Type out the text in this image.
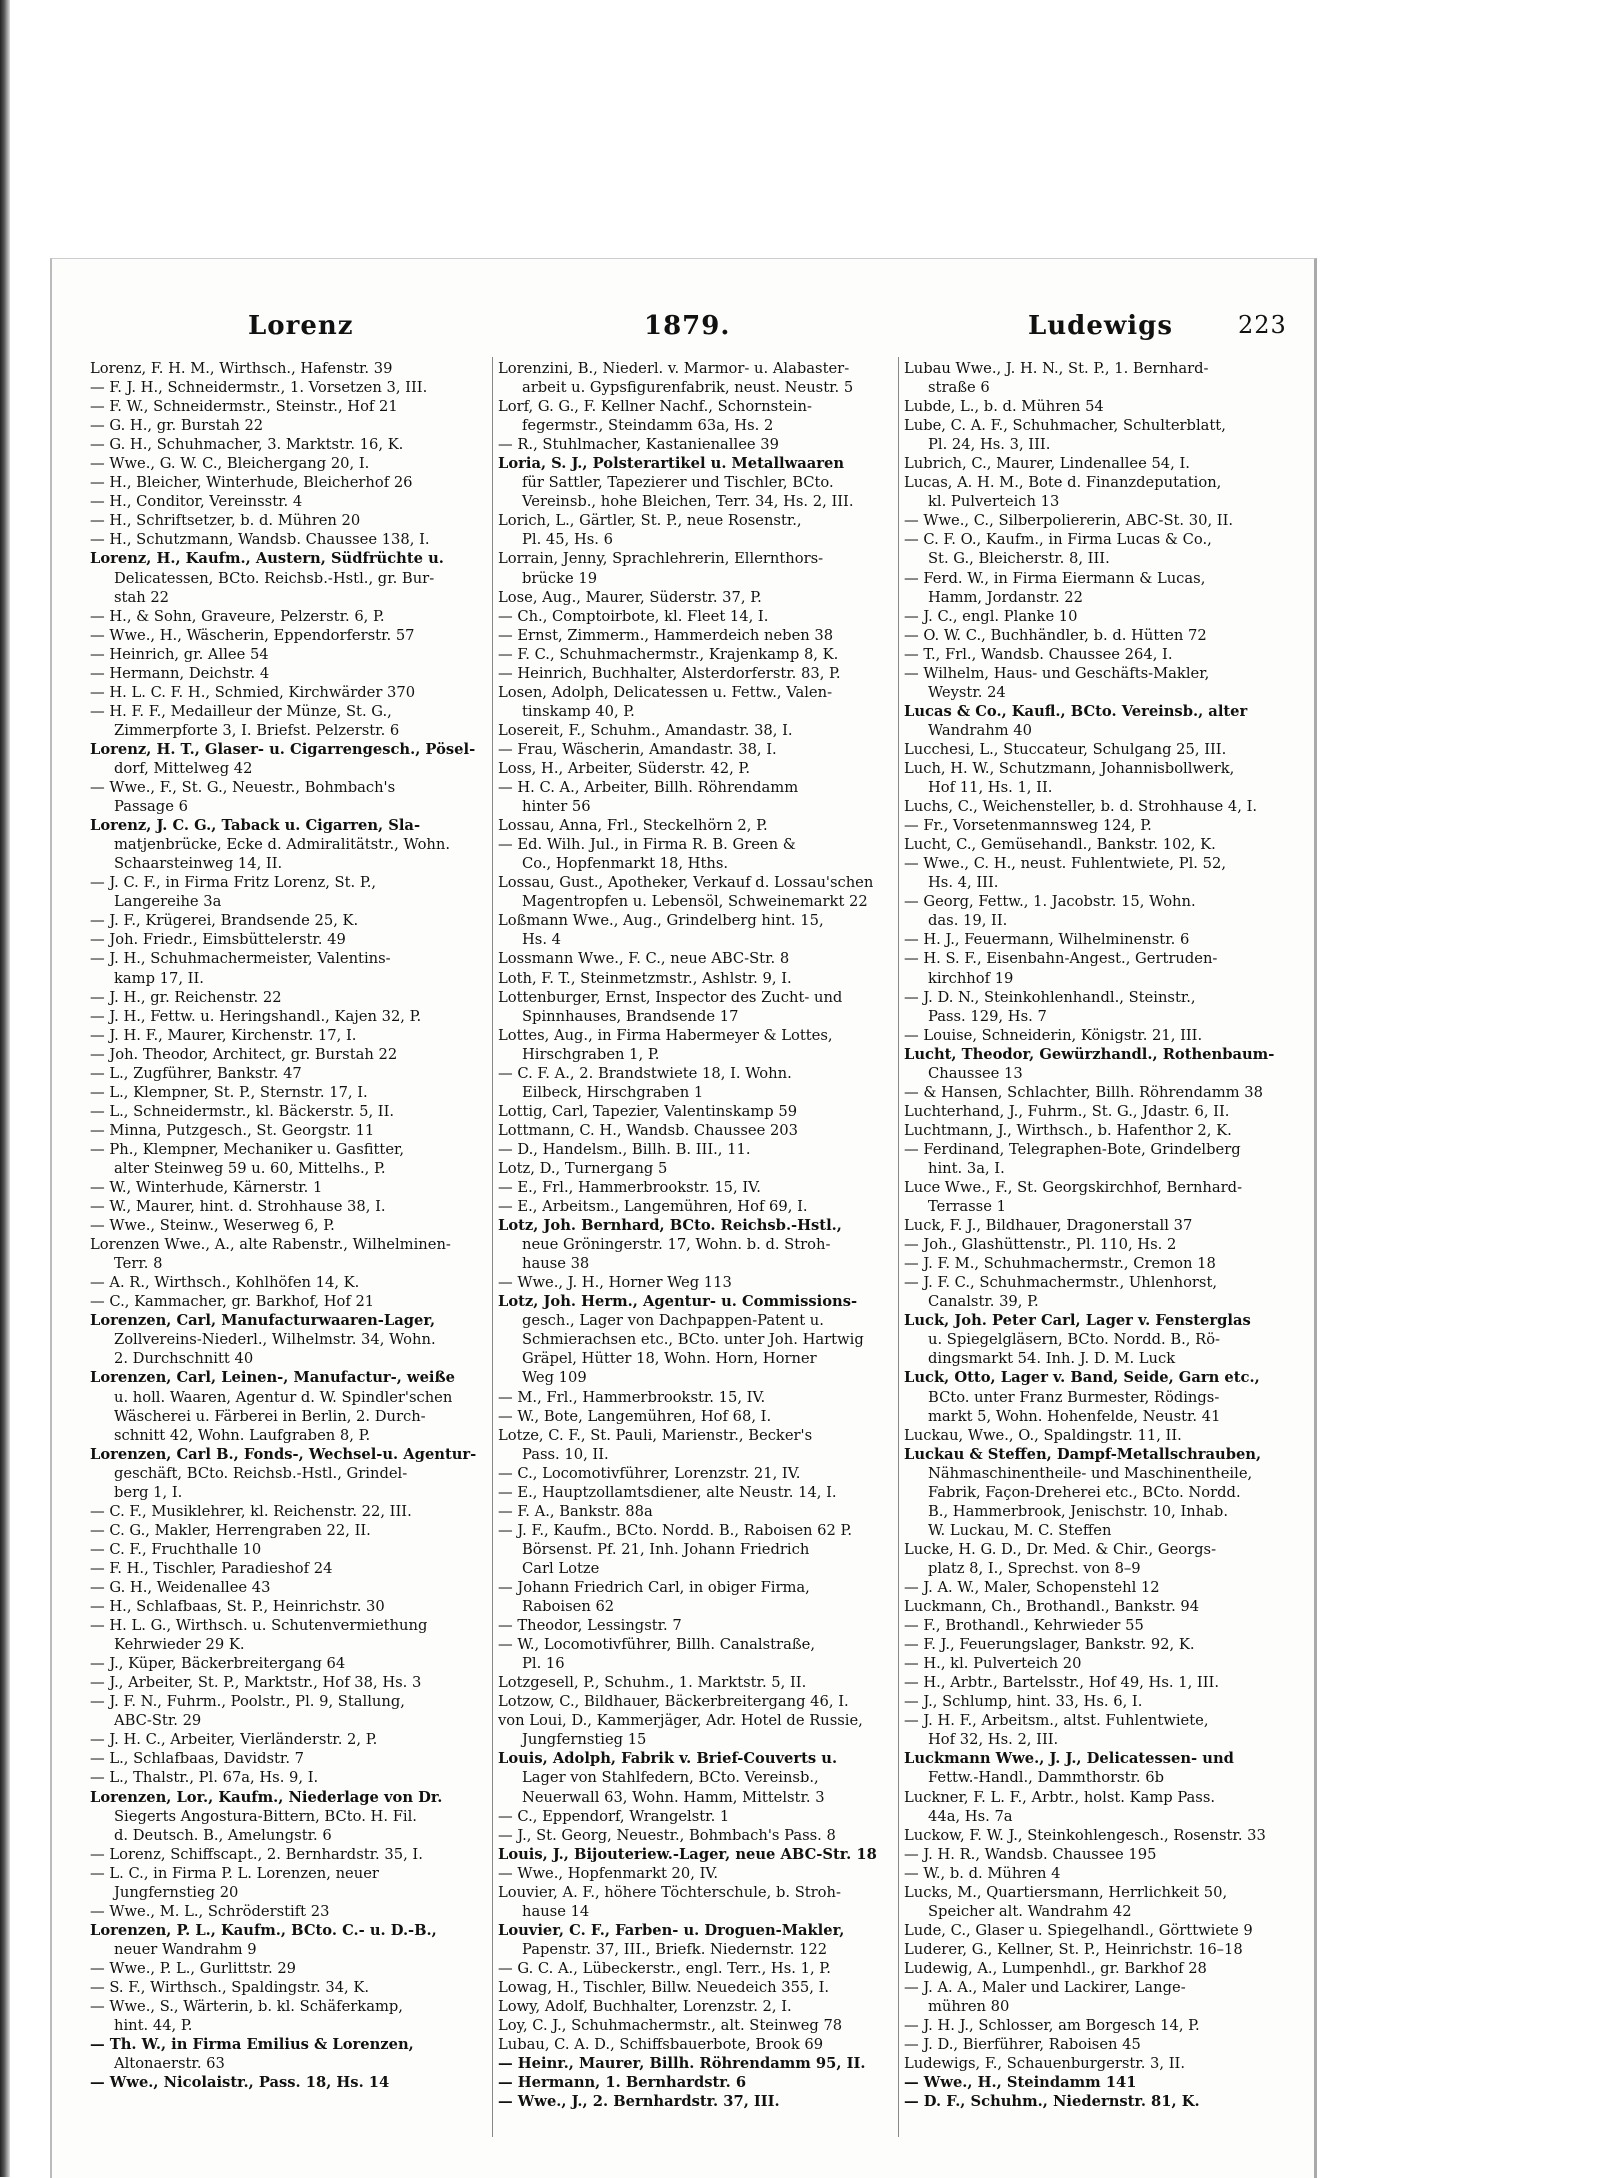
Lorenz	1879.	Ludewigs	223
Lorenz, F. H. M., Wirthsch., Hafenstr. 39
— F. J. H., Schneidermstr., 1. Vorsetzen 3, III.
— F. W., Schneidermstr., Steinstr., Hof 21
— G. H., gr. Burstah 22
— G. H., Schuhmacher, 3. Marktstr. 16, K.
— Wwe., G. W. C., Bleichergang 20, I.
— H., Bleicher, Winterhude, Bleicherhof 26
— H., Conditor, Vereinsstr. 4
— H., Schriftsetzer, b. d. Mühren 20
— H., Schutzmann, Wandsb. Chaussee 138, I.
Lorenz, H., Kaufm., Austern, Südfrüchte u.
Delicatessen, BCto. Reichsb.-Hstl., gr. Bur-
stah 22
— H., & Sohn, Graveure, Pelzerstr. 6, P.
— Wwe., H., Wäscherin, Eppendorferstr. 57
— Heinrich, gr. Allee 54
— Hermann, Deichstr. 4
— H. L. C. F. H., Schmied, Kirchwärder 370
— H. F. F., Medailleur der Münze, St. G.,
Zimmerpforte 3, I. Briefst. Pelzerstr. 6
Lorenz, H. T., Glaser- u. Cigarrengesch., Pösel-
dorf, Mittelweg 42
— Wwe., F., St. G., Neuestr., Bohmbach's
Passage 6
Lorenz, J. C. G., Taback u. Cigarren, Sla-
matjenbrücke, Ecke d. Admiralitätstr., Wohn.
Schaarsteinweg 14, II.
— J. C. F., in Firma Fritz Lorenz, St. P.,
Langereihe 3a
— J. F., Krügerei, Brandsende 25, K.
— Joh. Friedr., Eimsbüttelerstr. 49
— J. H., Schuhmachermeister, Valentins-
kamp 17, II.
— J. H., gr. Reichenstr. 22
— J. H., Fettw. u. Heringshandl., Kajen 32, P.
— J. H. F., Maurer, Kirchenstr. 17, I.
— Joh. Theodor, Architect, gr. Burstah 22
— L., Zugführer, Bankstr. 47
— L., Klempner, St. P., Sternstr. 17, I.
— L., Schneidermstr., kl. Bäckerstr. 5, II.
— Minna, Putzgesch., St. Georgstr. 11
— Ph., Klempner, Mechaniker u. Gasfitter,
alter Steinweg 59 u. 60, Mittelhs., P.
— W., Winterhude, Kärnerstr. 1
— W., Maurer, hint. d. Strohhause 38, I.
— Wwe., Steinw., Weserweg 6, P.
Lorenzen Wwe., A., alte Rabenstr., Wilhelminen-
Terr. 8
— A. R., Wirthsch., Kohlhöfen 14, K.
— C., Kammacher, gr. Barkhof, Hof 21
Lorenzen, Carl, Manufacturwaaren-Lager,
Zollvereins-Niederl., Wilhelmstr. 34, Wohn.
2. Durchschnitt 40
Lorenzen, Carl, Leinen-, Manufactur-, weiße
u. holl. Waaren, Agentur d. W. Spindler'schen
Wäscherei u. Färberei in Berlin, 2. Durch-
schnitt 42, Wohn. Laufgraben 8, P.
Lorenzen, Carl B., Fonds-, Wechsel-u. Agentur-
geschäft, BCto. Reichsb.-Hstl., Grindel-
berg 1, I.
— C. F., Musiklehrer, kl. Reichenstr. 22, III.
— C. G., Makler, Herrengraben 22, II.
— C. F., Fruchthalle 10
— F. H., Tischler, Paradieshof 24
— G. H., Weidenallee 43
— H., Schlafbaas, St. P., Heinrichstr. 30
— H. L. G., Wirthsch. u. Schutenvermiethung
Kehrwieder 29 K.
— J., Küper, Bäckerbreitergang 64
— J., Arbeiter, St. P., Marktstr., Hof 38, Hs. 3
— J. F. N., Fuhrm., Poolstr., Pl. 9, Stallung,
ABC-Str. 29
— J. H. C., Arbeiter, Vierländerstr. 2, P.
— L., Schlafbaas, Davidstr. 7
— L., Thalstr., Pl. 67a, Hs. 9, I.
Lorenzen, Lor., Kaufm., Niederlage von Dr.
Siegerts Angostura-Bittern, BCto. H. Fil.
d. Deutsch. B., Amelungstr. 6
— Lorenz, Schiffscapt., 2. Bernhardstr. 35, I.
— L. C., in Firma P. L. Lorenzen, neuer
Jungfernstieg 20
— Wwe., M. L., Schröderstift 23
Lorenzen, P. L., Kaufm., BCto. C.- u. D.-B.,
neuer Wandrahm 9
— Wwe., P. L., Gurlittstr. 29
— S. F., Wirthsch., Spaldingstr. 34, K.
— Wwe., S., Wärterin, b. kl. Schäferkamp,
hint. 44, P.
— Th. W., in Firma Emilius & Lorenzen,
Altonaerstr. 63
— Wwe., Nicolaistr., Pass. 18, Hs. 14
Lorenzini, B., Niederl. v. Marmor- u. Alabaster-
arbeit u. Gypsfigurenfabrik, neust. Neustr. 5
Lorf, G. G., F. Kellner Nachf., Schornstein-
fegermstr., Steindamm 63a, Hs. 2
— R., Stuhlmacher, Kastanienallee 39
Loria, S. J., Polsterartikel u. Metallwaaren
für Sattler, Tapezierer und Tischler, BCto.
Vereinsb., hohe Bleichen, Terr. 34, Hs. 2, III.
Lorich, L., Gärtler, St. P., neue Rosenstr.,
Pl. 45, Hs. 6
Lorrain, Jenny, Sprachlehrerin, Ellernthors-
brücke 19
Lose, Aug., Maurer, Süderstr. 37, P.
— Ch., Comptoirbote, kl. Fleet 14, I.
— Ernst, Zimmerm., Hammerdeich neben 38
— F. C., Schuhmachermstr., Krajenkamp 8, K.
— Heinrich, Buchhalter, Alsterdorferstr. 83, P.
Losen, Adolph, Delicatessen u. Fettw., Valen-
tinskamp 40, P.
Losereit, F., Schuhm., Amandastr. 38, I.
— Frau, Wäscherin, Amandastr. 38, I.
Loss, H., Arbeiter, Süderstr. 42, P.
— H. C. A., Arbeiter, Billh. Röhrendamm
hinter 56
Lossau, Anna, Frl., Steckelhörn 2, P.
— Ed. Wilh. Jul., in Firma R. B. Green &
Co., Hopfenmarkt 18, Hths.
Lossau, Gust., Apotheker, Verkauf d. Lossau'schen
Magentropfen u. Lebensöl, Schweinemarkt 22
Loßmann Wwe., Aug., Grindelberg hint. 15,
Hs. 4
Lossmann Wwe., F. C., neue ABC-Str. 8
Loth, F. T., Steinmetzmstr., Ashlstr. 9, I.
Lottenburger, Ernst, Inspector des Zucht- und
Spinnhauses, Brandsende 17
Lottes, Aug., in Firma Habermeyer & Lottes,
Hirschgraben 1, P.
— C. F. A., 2. Brandstwiete 18, I. Wohn.
Eilbeck, Hirschgraben 1
Lottig, Carl, Tapezier, Valentinskamp 59
Lottmann, C. H., Wandsb. Chaussee 203
— D., Handelsm., Billh. B. III., 11.
Lotz, D., Turnergang 5
— E., Frl., Hammerbrookstr. 15, IV.
— E., Arbeitsm., Langemühren, Hof 69, I.
Lotz, Joh. Bernhard, BCto. Reichsb.-Hstl.,
neue Gröningerstr. 17, Wohn. b. d. Stroh-
hause 38
— Wwe., J. H., Horner Weg 113
Lotz, Joh. Herm., Agentur- u. Commissions-
gesch., Lager von Dachpappen-Patent u.
Schmierachsen etc., BCto. unter Joh. Hartwig
Gräpel, Hütter 18, Wohn. Horn, Horner
Weg 109
— M., Frl., Hammerbrookstr. 15, IV.
— W., Bote, Langemühren, Hof 68, I.
Lotze, C. F., St. Pauli, Marienstr., Becker's
Pass. 10, II.
— C., Locomotivführer, Lorenzstr. 21, IV.
— E., Hauptzollamtsdiener, alte Neustr. 14, I.
— F. A., Bankstr. 88a
— J. F., Kaufm., BCto. Nordd. B., Raboisen 62 P.
Börsenst. Pf. 21, Inh. Johann Friedrich
Carl Lotze
— Johann Friedrich Carl, in obiger Firma,
Raboisen 62
— Theodor, Lessingstr. 7
— W., Locomotivführer, Billh. Canalstraße,
Pl. 16
Lotzgesell, P., Schuhm., 1. Marktstr. 5, II.
Lotzow, C., Bildhauer, Bäckerbreitergang 46, I.
von Loui, D., Kammerjäger, Adr. Hotel de Russie,
Jungfernstieg 15
Louis, Adolph, Fabrik v. Brief-Couverts u.
Lager von Stahlfedern, BCto. Vereinsb.,
Neuerwall 63, Wohn. Hamm, Mittelstr. 3
— C., Eppendorf, Wrangelstr. 1
— J., St. Georg, Neuestr., Bohmbach's Pass. 8
Louis, J., Bijouteriew.-Lager, neue ABC-Str. 18
— Wwe., Hopfenmarkt 20, IV.
Louvier, A. F., höhere Töchterschule, b. Stroh-
hause 14
Louvier, C. F., Farben- u. Droguen-Makler,
Papenstr. 37, III., Briefk. Niedernstr. 122
— G. C. A., Lübeckerstr., engl. Terr., Hs. 1, P.
Lowag, H., Tischler, Billw. Neuedeich 355, I.
Lowy, Adolf, Buchhalter, Lorenzstr. 2, I.
Loy, C. J., Schuhmachermstr., alt. Steinweg 78
Lubau, C. A. D., Schiffsbauerbote, Brook 69
— Heinr., Maurer, Billh. Röhrendamm 95, II.
— Hermann, 1. Bernhardstr. 6
— Wwe., J., 2. Bernhardstr. 37, III.
Lubau Wwe., J. H. N., St. P., 1. Bernhard-
straße 6
Lubde, L., b. d. Mühren 54
Lube, C. A. F., Schuhmacher, Schulterblatt,
Pl. 24, Hs. 3, III.
Lubrich, C., Maurer, Lindenallee 54, I.
Lucas, A. H. M., Bote d. Finanzdeputation,
kl. Pulverteich 13
— Wwe., C., Silberpoliererin, ABC-St. 30, II.
— C. F. O., Kaufm., in Firma Lucas & Co.,
St. G., Bleicherstr. 8, III.
— Ferd. W., in Firma Eiermann & Lucas,
Hamm, Jordanstr. 22
— J. C., engl. Planke 10
— O. W. C., Buchhändler, b. d. Hütten 72
— T., Frl., Wandsb. Chaussee 264, I.
— Wilhelm, Haus- und Geschäfts-Makler,
Weystr. 24
Lucas & Co., Kaufl., BCto. Vereinsb., alter
Wandrahm 40
Lucchesi, L., Stuccateur, Schulgang 25, III.
Luch, H. W., Schutzmann, Johannisbollwerk,
Hof 11, Hs. 1, II.
Luchs, C., Weichensteller, b. d. Strohhause 4, I.
— Fr., Vorsetenmannsweg 124, P.
Lucht, C., Gemüsehandl., Bankstr. 102, K.
— Wwe., C. H., neust. Fuhlentwiete, Pl. 52,
Hs. 4, III.
— Georg, Fettw., 1. Jacobstr. 15, Wohn.
das. 19, II.
— H. J., Feuermann, Wilhelminenstr. 6
— H. S. F., Eisenbahn-Angest., Gertruden-
kirchhof 19
— J. D. N., Steinkohlenhandl., Steinstr.,
Pass. 129, Hs. 7
— Louise, Schneiderin, Königstr. 21, III.
Lucht, Theodor, Gewürzhandl., Rothenbaum-
Chaussee 13
— & Hansen, Schlachter, Billh. Röhrendamm 38
Luchterhand, J., Fuhrm., St. G., Jdastr. 6, II.
Luchtmann, J., Wirthsch., b. Hafenthor 2, K.
— Ferdinand, Telegraphen-Bote, Grindelberg
hint. 3a, I.
Luce Wwe., F., St. Georgskirchhof, Bernhard-
Terrasse 1
Luck, F. J., Bildhauer, Dragonerstall 37
— Joh., Glashüttenstr., Pl. 110, Hs. 2
— J. F. M., Schuhmachermstr., Cremon 18
— J. F. C., Schuhmachermstr., Uhlenhorst,
Canalstr. 39, P.
Luck, Joh. Peter Carl, Lager v. Fensterglas
u. Spiegelgläsern, BCto. Nordd. B., Rö-
dingsmarkt 54. Inh. J. D. M. Luck
Luck, Otto, Lager v. Band, Seide, Garn etc.,
BCto. unter Franz Burmester, Rödings-
markt 5, Wohn. Hohenfelde, Neustr. 41
Luckau, Wwe., O., Spaldingstr. 11, II.
Luckau & Steffen, Dampf-Metallschrauben,
Nähmaschinentheile- und Maschinentheile,
Fabrik, Façon-Dreherei etc., BCto. Nordd.
B., Hammerbrook, Jenischstr. 10, Inhab.
W. Luckau, M. C. Steffen
Lucke, H. G. D., Dr. Med. & Chir., Georgs-
platz 8, I., Sprechst. von 8–9
— J. A. W., Maler, Schopenstehl 12
Luckmann, Ch., Brothandl., Bankstr. 94
— F., Brothandl., Kehrwieder 55
— F. J., Feuerungslager, Bankstr. 92, K.
— H., kl. Pulverteich 20
— H., Arbtr., Bartelsstr., Hof 49, Hs. 1, III.
— J., Schlump, hint. 33, Hs. 6, I.
— J. H. F., Arbeitsm., altst. Fuhlentwiete,
Hof 32, Hs. 2, III.
Luckmann Wwe., J. J., Delicatessen- und
Fettw.-Handl., Dammthorstr. 6b
Luckner, F. L. F., Arbtr., holst. Kamp Pass.
44a, Hs. 7a
Luckow, F. W. J., Steinkohlengesch., Rosenstr. 33
— J. H. R., Wandsb. Chaussee 195
— W., b. d. Mühren 4
Lucks, M., Quartiersmann, Herrlichkeit 50,
Speicher alt. Wandrahm 42
Lude, C., Glaser u. Spiegelhandl., Görttwiete 9
Luderer, G., Kellner, St. P., Heinrichstr. 16–18
Ludewig, A., Lumpenhdl., gr. Barkhof 28
— J. A. A., Maler und Lackirer, Lange-
mühren 80
— J. H. J., Schlosser, am Borgesch 14, P.
— J. D., Bierführer, Raboisen 45
Ludewigs, F., Schauenburgerstr. 3, II.
— Wwe., H., Steindamm 141
— D. F., Schuhm., Niedernstr. 81, K.
